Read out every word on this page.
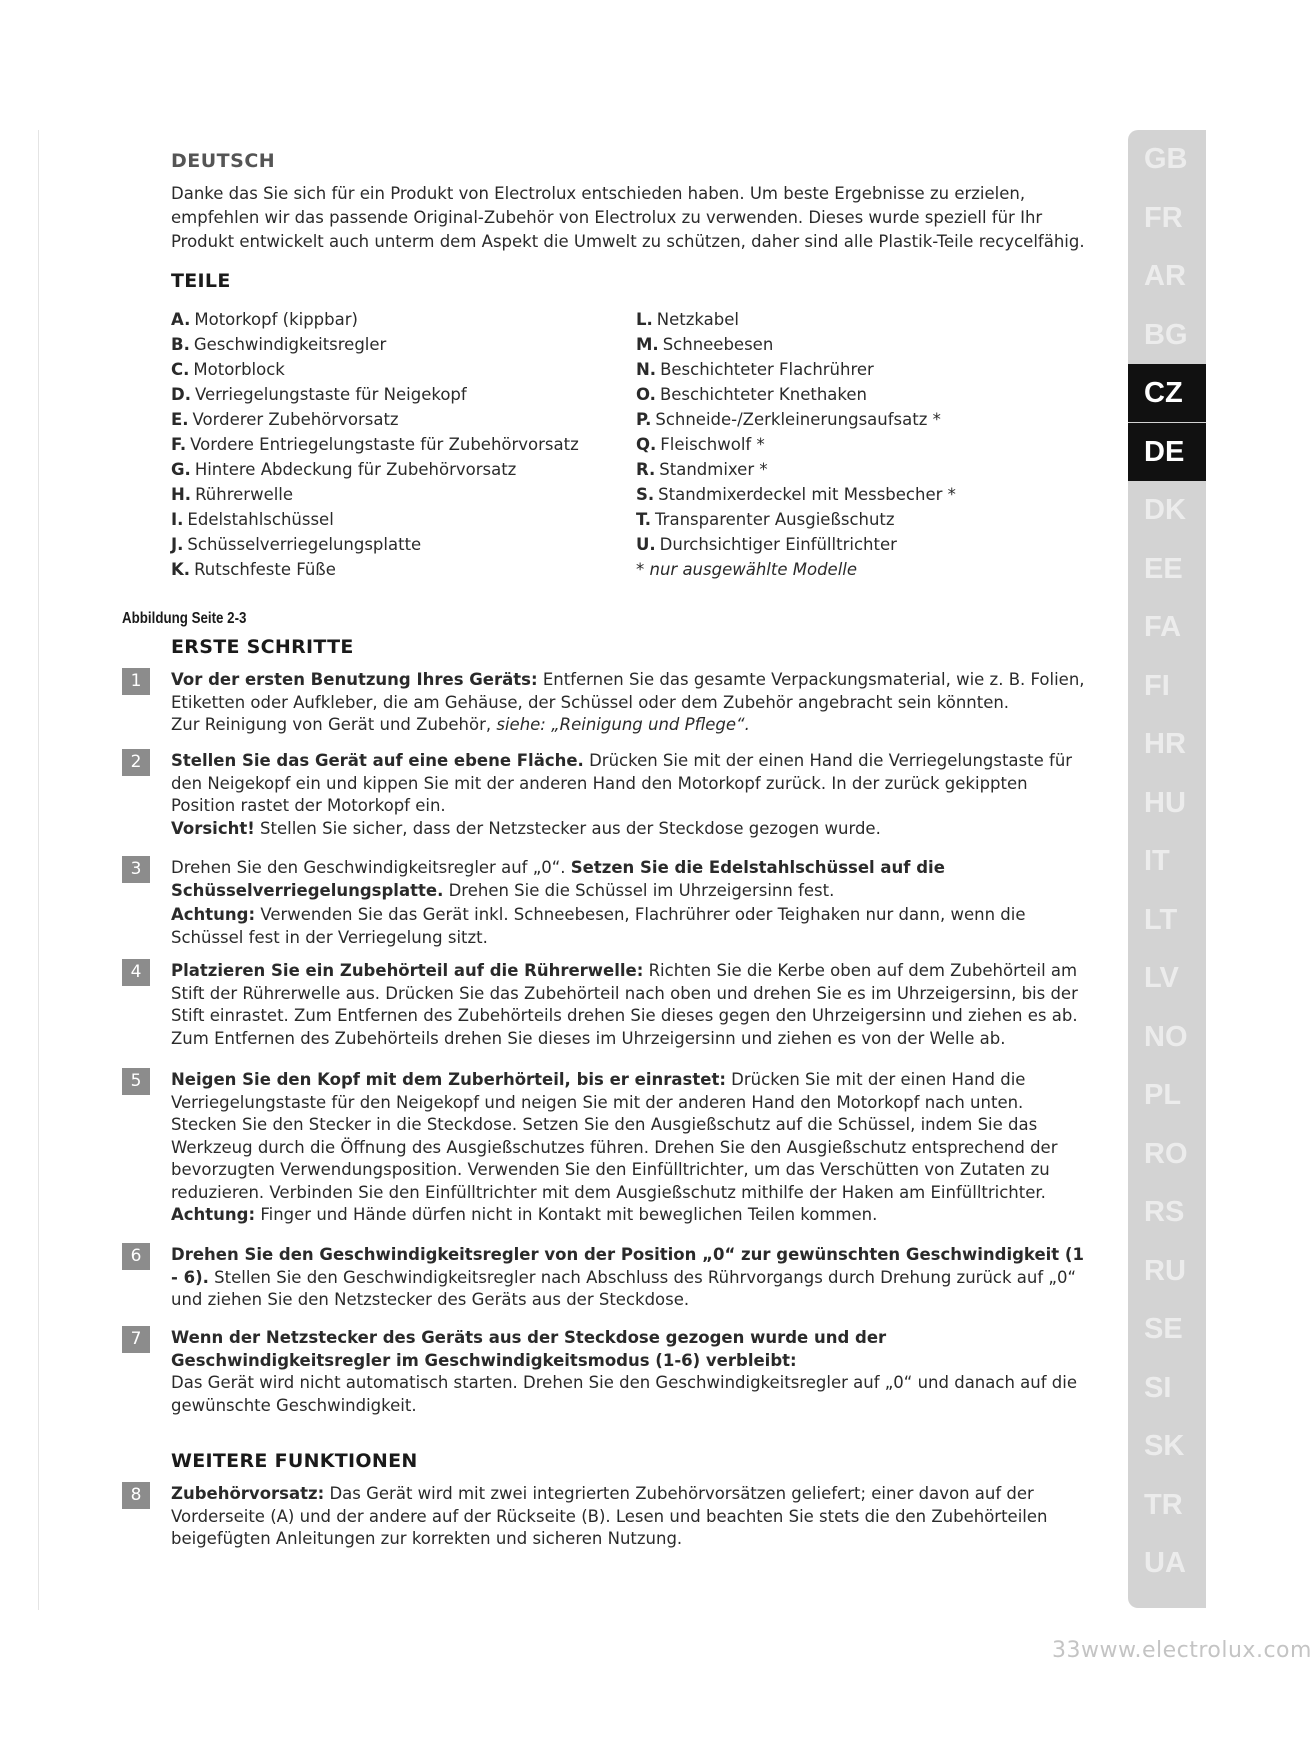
GB
FR
AR
BG
CZ
DE
DK
EE
FA
FI
HR
HU
IT
LT
LV
NO
PL
RO
RS
RU
SE
SI
SK
TR
UA
DEUTSCH
Danke das Sie sich für ein Produkt von Electrolux entschieden haben. Um beste Ergebnisse zu erzielen, empfehlen wir das passende Original-Zubehör von Electrolux zu verwenden. Dieses wurde speziell für Ihr Produkt entwickelt auch unterm dem Aspekt die Umwelt zu schützen, daher sind alle Plastik-Teile recycelfähig.
TEILE
A. Motorkopf (kippbar)
B. Geschwindigkeitsregler
C. Motorblock
D. Verriegelungstaste für Neigekopf
E. Vorderer Zubehörvorsatz
F. Vordere Entriegelungstaste für Zubehörvorsatz
G. Hintere Abdeckung für Zubehörvorsatz
H. Rührerwelle
I. Edelstahlschüssel
J. Schüsselverriegelungsplatte
K. Rutschfeste Füße
L. Netzkabel
M. Schneebesen
N. Beschichteter Flachrührer
O. Beschichteter Knethaken
P. Schneide-/Zerkleinerungsaufsatz *
Q. Fleischwolf *
R. Standmixer *
S. Standmixerdeckel mit Messbecher *
T. Transparenter Ausgießschutz
U. Durchsichtiger Einfülltrichter
* nur ausgewählte Modelle
Abbildung Seite 2-3
ERSTE SCHRITTE
1	Vor der ersten Benutzung Ihres Geräts: Entfernen Sie das gesamte Verpackungsmaterial, wie z. B. Folien, Etiketten oder Aufkleber, die am Gehäuse, der Schüssel oder dem Zubehör angebracht sein könnten.

Zur Reinigung von Gerät und Zubehör, siehe: „Reinigung und Pflege“.

2	Stellen Sie das Gerät auf eine ebene Fläche. Drücken Sie mit der einen Hand die Verriegelungstaste für den Neigekopf ein und kippen Sie mit der anderen Hand den Motorkopf zurück. In der zurück gekippten Position rastet der Motorkopf ein.

Vorsicht! Stellen Sie sicher, dass der Netzstecker aus der Steckdose gezogen wurde.

3	Drehen Sie den Geschwindigkeitsregler auf „0“. Setzen Sie die Edelstahlschüssel auf die Schüsselverriegelungsplatte. Drehen Sie die Schüssel im Uhrzeigersinn fest.

Achtung: Verwenden Sie das Gerät inkl. Schneebesen, Flachrührer oder Teighaken nur dann, wenn die Schüssel fest in der Verriegelung sitzt.

4	Platzieren Sie ein Zubehörteil auf die Rührerwelle: Richten Sie die Kerbe oben auf dem Zubehörteil am Stift der Rührerwelle aus. Drücken Sie das Zubehörteil nach oben und drehen Sie es im Uhrzeigersinn, bis der Stift einrastet. Zum Entfernen des Zubehörteils drehen Sie dieses gegen den Uhrzeigersinn und ziehen es ab.

Zum Entfernen des Zubehörteils drehen Sie dieses im Uhrzeigersinn und ziehen es von der Welle ab.

5	Neigen Sie den Kopf mit dem Zuberhörteil, bis er einrastet: Drücken Sie mit der einen Hand die Verriegelungstaste für den Neigekopf und neigen Sie mit der anderen Hand den Motorkopf nach unten. Stecken Sie den Stecker in die Steckdose. Setzen Sie den Ausgießschutz auf die Schüssel, indem Sie das Werkzeug durch die Öffnung des Ausgießschutzes führen. Drehen Sie den Ausgießschutz entsprechend der bevorzugten Verwendungsposition. Verwenden Sie den Einfülltrichter, um das Verschütten von Zutaten zu reduzieren. Verbinden Sie den Einfülltrichter mit dem Ausgießschutz mithilfe der Haken am Einfülltrichter.

Achtung: Finger und Hände dürfen nicht in Kontakt mit beweglichen Teilen kommen.

6	Drehen Sie den Geschwindigkeitsregler von der Position „0“ zur gewünschten Geschwindigkeit (1 - 6). Stellen Sie den Geschwindigkeitsregler nach Abschluss des Rührvorgangs durch Drehung zurück auf „0“ und ziehen Sie den Netzstecker des Geräts aus der Steckdose.

7	Wenn der Netzstecker des Geräts aus der Steckdose gezogen wurde und der Geschwindigkeitsregler im Geschwindigkeitsmodus (1-6) verbleibt:

Das Gerät wird nicht automatisch starten. Drehen Sie den Geschwindigkeitsregler auf „0“ und danach auf die gewünschte Geschwindigkeit.

WEITERE FUNKTIONEN
8	Zubehörvorsatz: Das Gerät wird mit zwei integrierten Zubehörvorsätzen geliefert; einer davon auf der Vorderseite (A) und der andere auf der Rückseite (B). Lesen und beachten Sie stets die den Zubehörteilen beigefügten Anleitungen zur korrekten und sicheren Nutzung.

33www.electrolux.com
